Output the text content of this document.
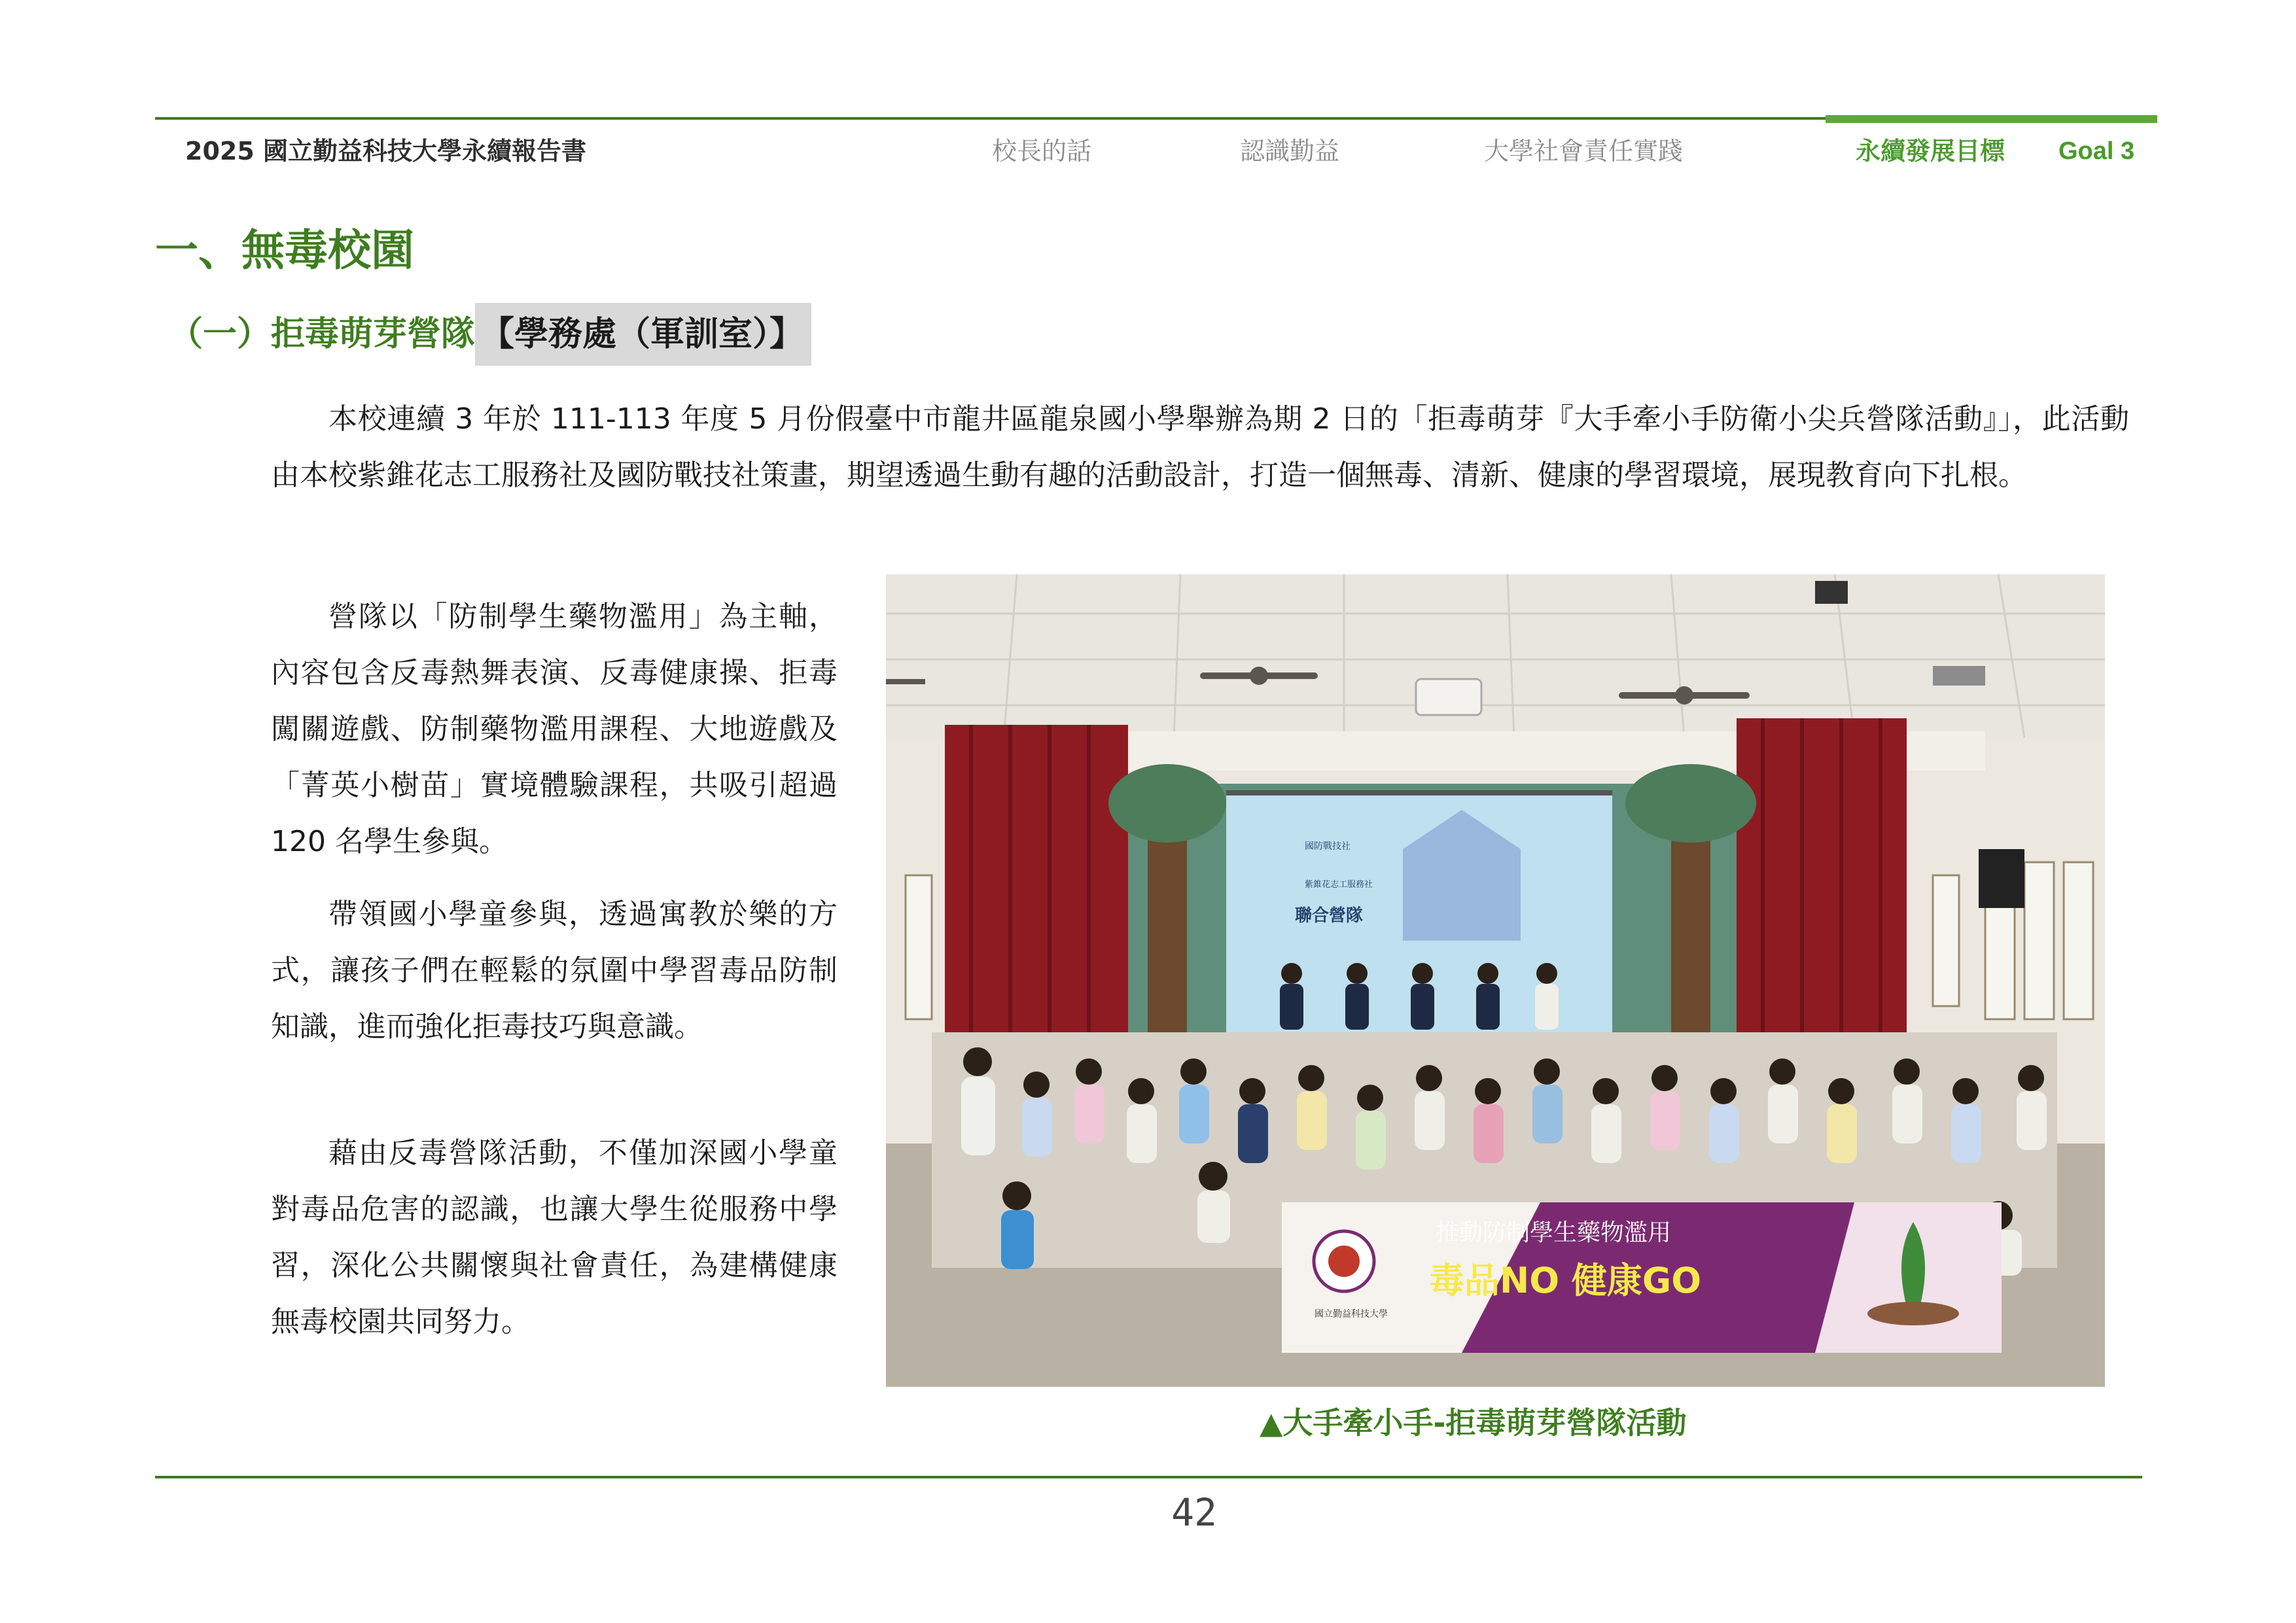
2025 國立勤益科技大學永續報告書	校長的話	認識勤益	大學社會責任實踐	永續發展目標 Goal 3
一、無毒校園
（一）拒毒萌芽營隊 【學務處（軍訓室）】

本校連續 3 年於 111-113 年度 5 月份假臺中市龍井區龍泉國小學舉辦為期 2 日的「拒毒萌芽『大手牽小手防衛小尖兵營隊活動』」，此活動由本校紫錐花志工服務社及國防戰技社策畫，期望透過生動有趣的活動設計，打造一個無毒、清新、健康的學習環境，展現教育向下扎根。

營隊以「防制學生藥物濫用」為主軸，內容包含反毒熱舞表演、反毒健康操、拒毒闖關遊戲、防制藥物濫用課程、大地遊戲及「菁英小樹苗」實境體驗課程，共吸引超過 120 名學生參與。

帶領國小學童參與，透過寓教於樂的方式，讓孩子們在輕鬆的氛圍中學習毒品防制知識，進而強化拒毒技巧與意識。

藉由反毒營隊活動，不僅加深國小學童對毒品危害的認識，也讓大學生從服務中學習，深化公共關懷與社會責任，為建構健康無毒校園共同努力。

國防戰技社
紫錐花志工服務社
聯合營隊
國立勤益科技大學
推動防制學生藥物濫用
毒品NO 健康GO
▲大手牽小手-拒毒萌芽營隊活動
42
